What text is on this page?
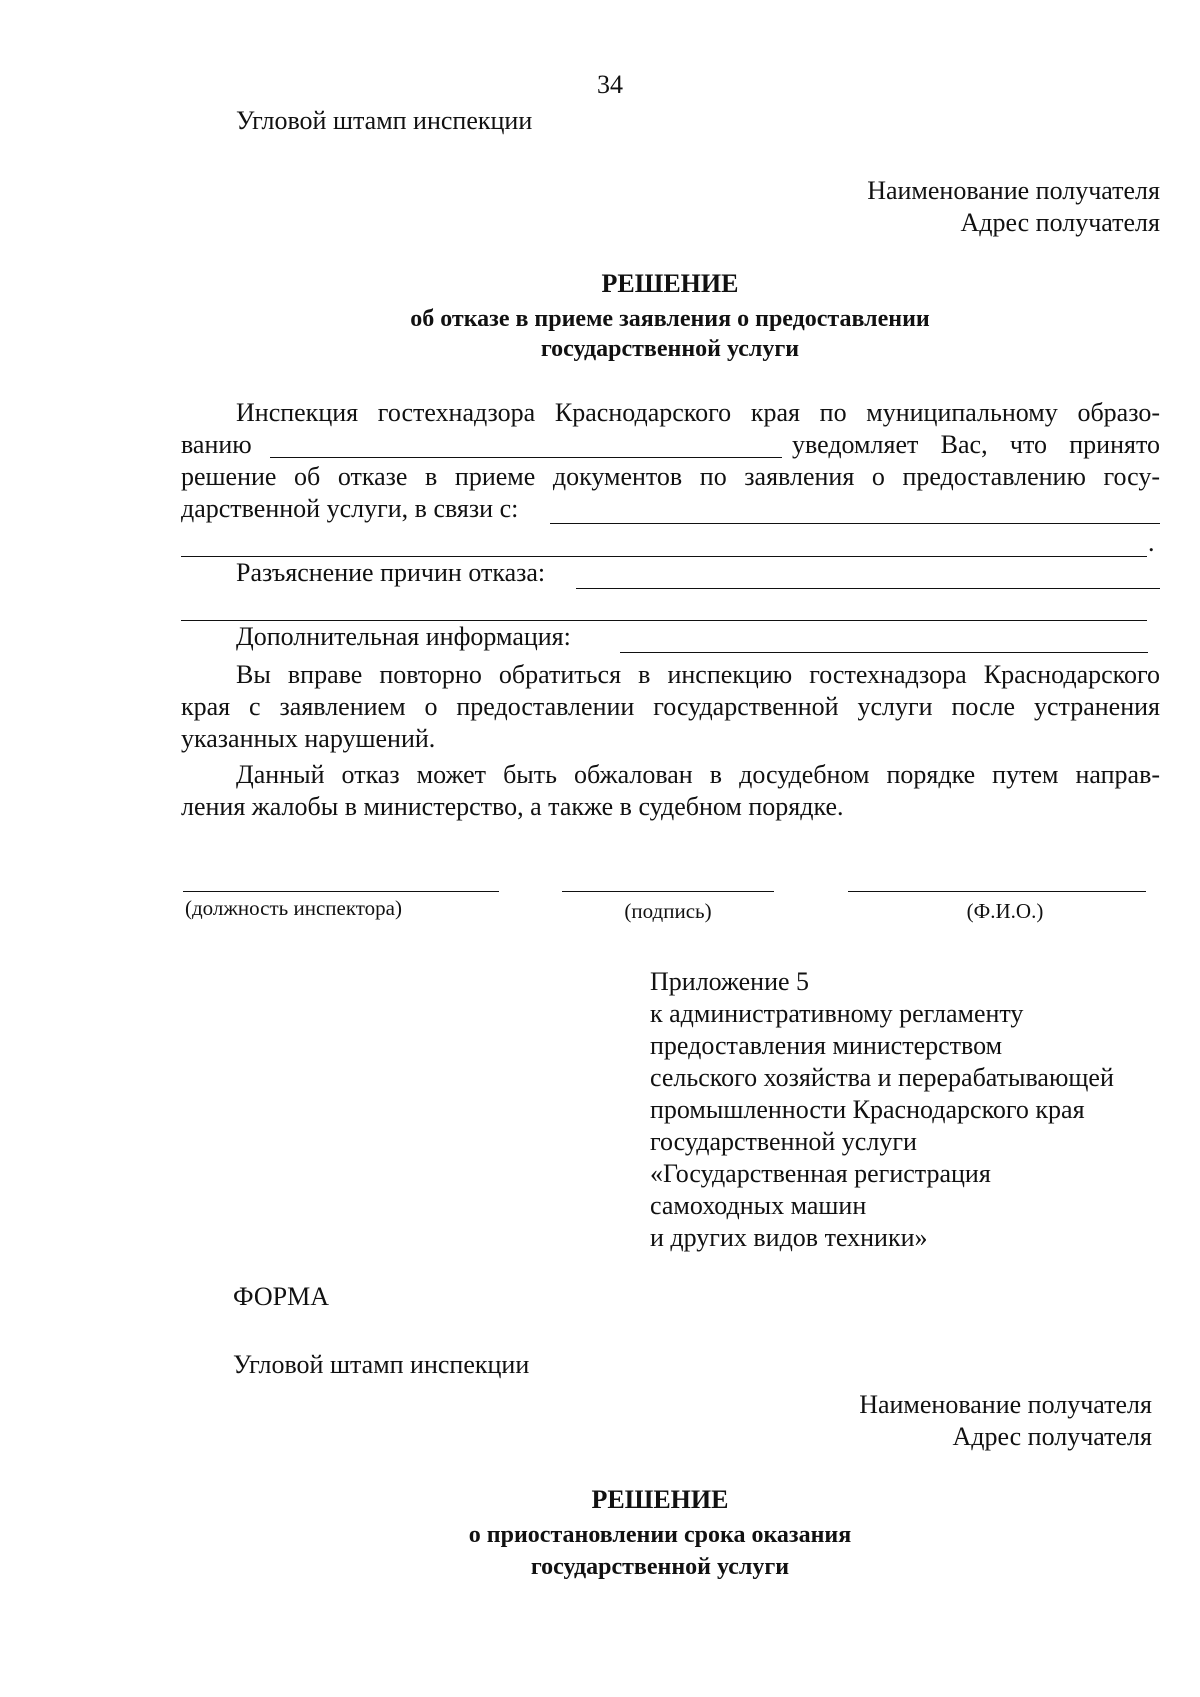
34
Угловой штамп инспекции
Наименование получателя
Адрес получателя
РЕШЕНИЕ
об отказе в приеме заявления о предоставлении
государственной услуги
Инспекция гостехнадзора Краснодарского края по муниципальному образо-
ванию	уведомляет Вас, что принято
решение об отказе в приеме документов по заявления о предоставлению госу-
дарственной услуги, в связи с:
.
Разъяснение причин отказа:
Дополнительная информация:
Вы вправе повторно обратиться в инспекцию гостехнадзора Краснодарского
края с заявлением о предоставлении государственной услуги после устранения
указанных нарушений.
Данный отказ может быть обжалован в досудебном порядке путем направ-
ления жалобы в министерство, а также в судебном порядке.
(должность инспектора)	(подпись)	(Ф.И.О.)
Приложение 5
к административному регламенту
предоставления министерством
сельского хозяйства и перерабатывающей
промышленности Краснодарского края
государственной услуги
«Государственная регистрация
самоходных машин
и других видов техники»
ФОРМА
Угловой штамп инспекции
Наименование получателя
Адрес получателя
РЕШЕНИЕ
о приостановлении срока оказания
государственной услуги
